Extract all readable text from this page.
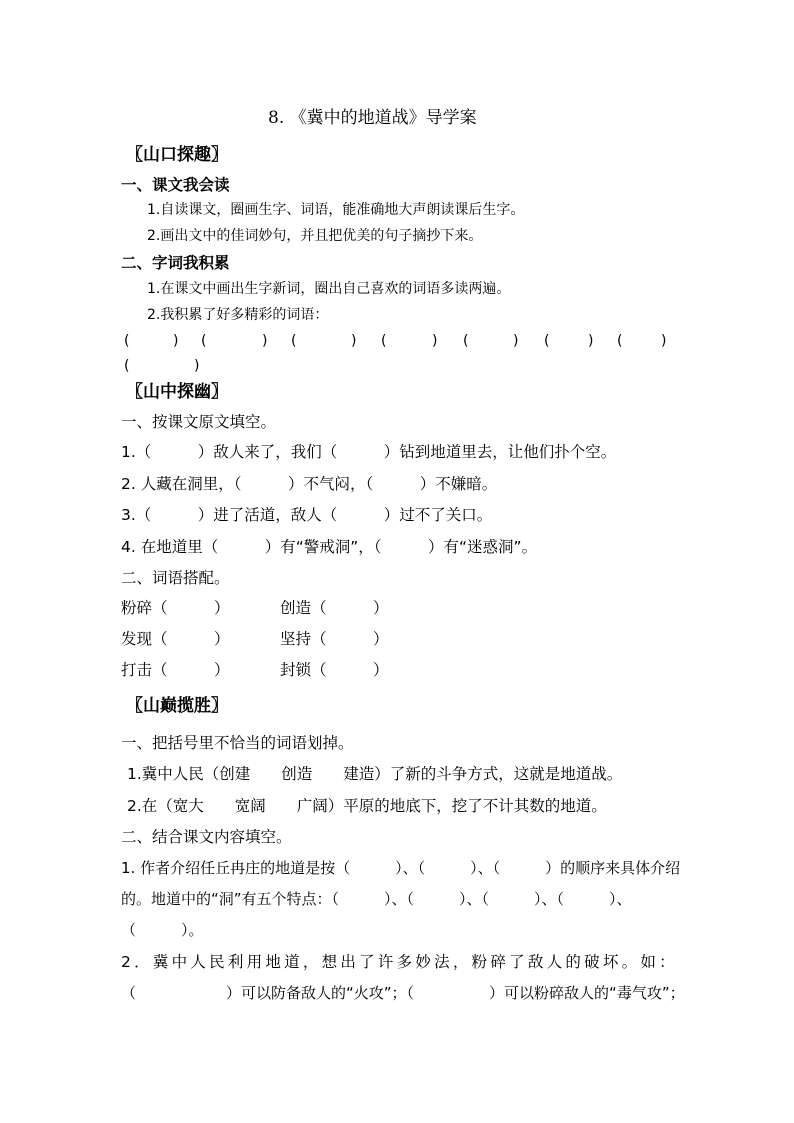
8. 《冀中的地道战》导学案
〖山口探趣〗
一、课文我会读
1.自读课文，圈画生字、词语，能准确地大声朗读课后生字。
2.画出文中的佳词妙句，并且把优美的句子摘抄下来。
二、字词我积累
1.在课文中画出生字新词，圈出自己喜欢的词语多读两遍。
2.我积累了好多精彩的词语：
(	) (	) (	) (	) (	) (	) (	)
(	)
〖山中探幽〗
一、按课文原文填空。
1.（　　　）敌人来了，我们（　　　）钻到地道里去，让他们扑个空。
2. 人藏在洞里，（　　　）不气闷，（　　　）不嫌暗。
3.（　　　）进了活道，敌人（　　　）过不了关口。
4. 在地道里（　　　）有“警戒洞”，（　　　）有“迷惑洞”。
二、词语搭配。
粉碎（　　　）	创造（　　　）
发现（　　　）	坚持（　　　）
打击（　　　）	封锁（　　　）
〖山巅揽胜〗
一、把括号里不恰当的词语划掉。
1.冀中人民（创建　　创造　　建造）了新的斗争方式，这就是地道战。
2.在（宽大　　宽阔　　广阔）平原的地底下，挖了不计其数的地道。
二、结合课文内容填空。
1. 作者介绍任丘冉庄的地道是按（　　　）、（　　　）、（　　　）的顺序来具体介绍
的。地道中的“洞”有五个特点：（　　　）、（　　　）、（　　　）、（　　　）、
（　　　）。
2．冀中人民利用地道，想出了许多妙法，粉碎了敌人的破坏。如：
（　　　　　　）可以防备敌人的“火攻”；（　　　　　）可以粉碎敌人的“毒气攻”；
